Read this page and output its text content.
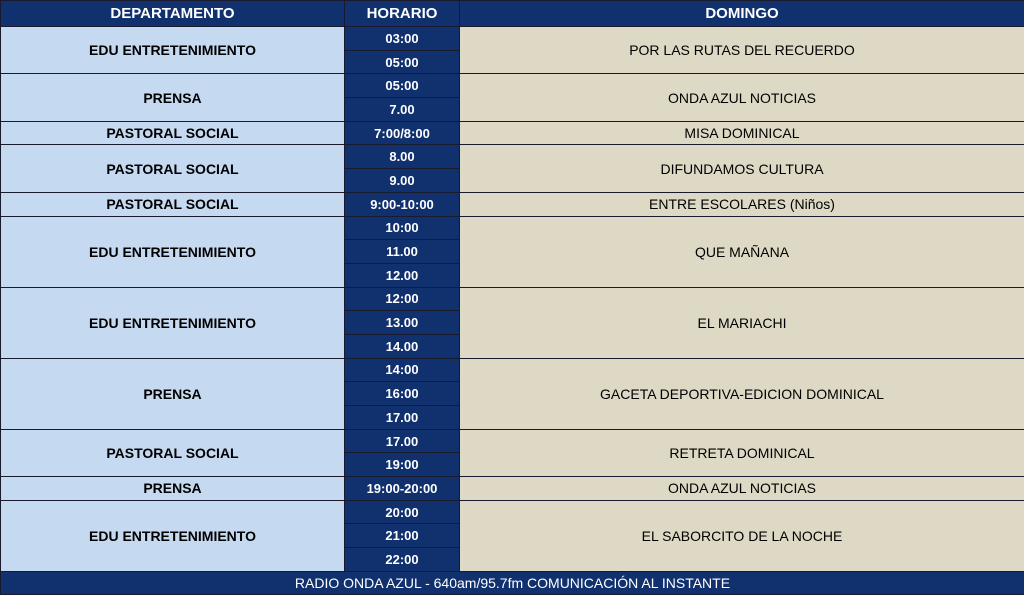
DEPARTAMENTO	HORARIO	DOMINGO
EDU ENTRETENIMIENTO	03:00	POR LAS RUTAS DEL RECUERDO
	05:00	
PRENSA	05:00	ONDA AZUL NOTICIAS
	7.00	
PASTORAL SOCIAL	7:00/8:00	MISA DOMINICAL
PASTORAL SOCIAL	8.00	DIFUNDAMOS CULTURA
	9.00	
PASTORAL SOCIAL	9:00-10:00	ENTRE ESCOLARES (Niños)
EDU ENTRETENIMIENTO	10:00	QUE MAÑANA
	11.00	
	12.00	
EDU ENTRETENIMIENTO	12:00	EL MARIACHI
	13.00	
	14.00	
PRENSA	14:00	GACETA DEPORTIVA-EDICION DOMINICAL
	16:00	
	17.00	
PASTORAL SOCIAL	17.00	RETRETA DOMINICAL
	19:00	
PRENSA	19:00-20:00	ONDA AZUL NOTICIAS
EDU ENTRETENIMIENTO	20:00	EL SABORCITO DE LA NOCHE
	21:00	
	22:00	
RADIO ONDA AZUL - 640am/95.7fm COMUNICACIÓN AL INSTANTE		
